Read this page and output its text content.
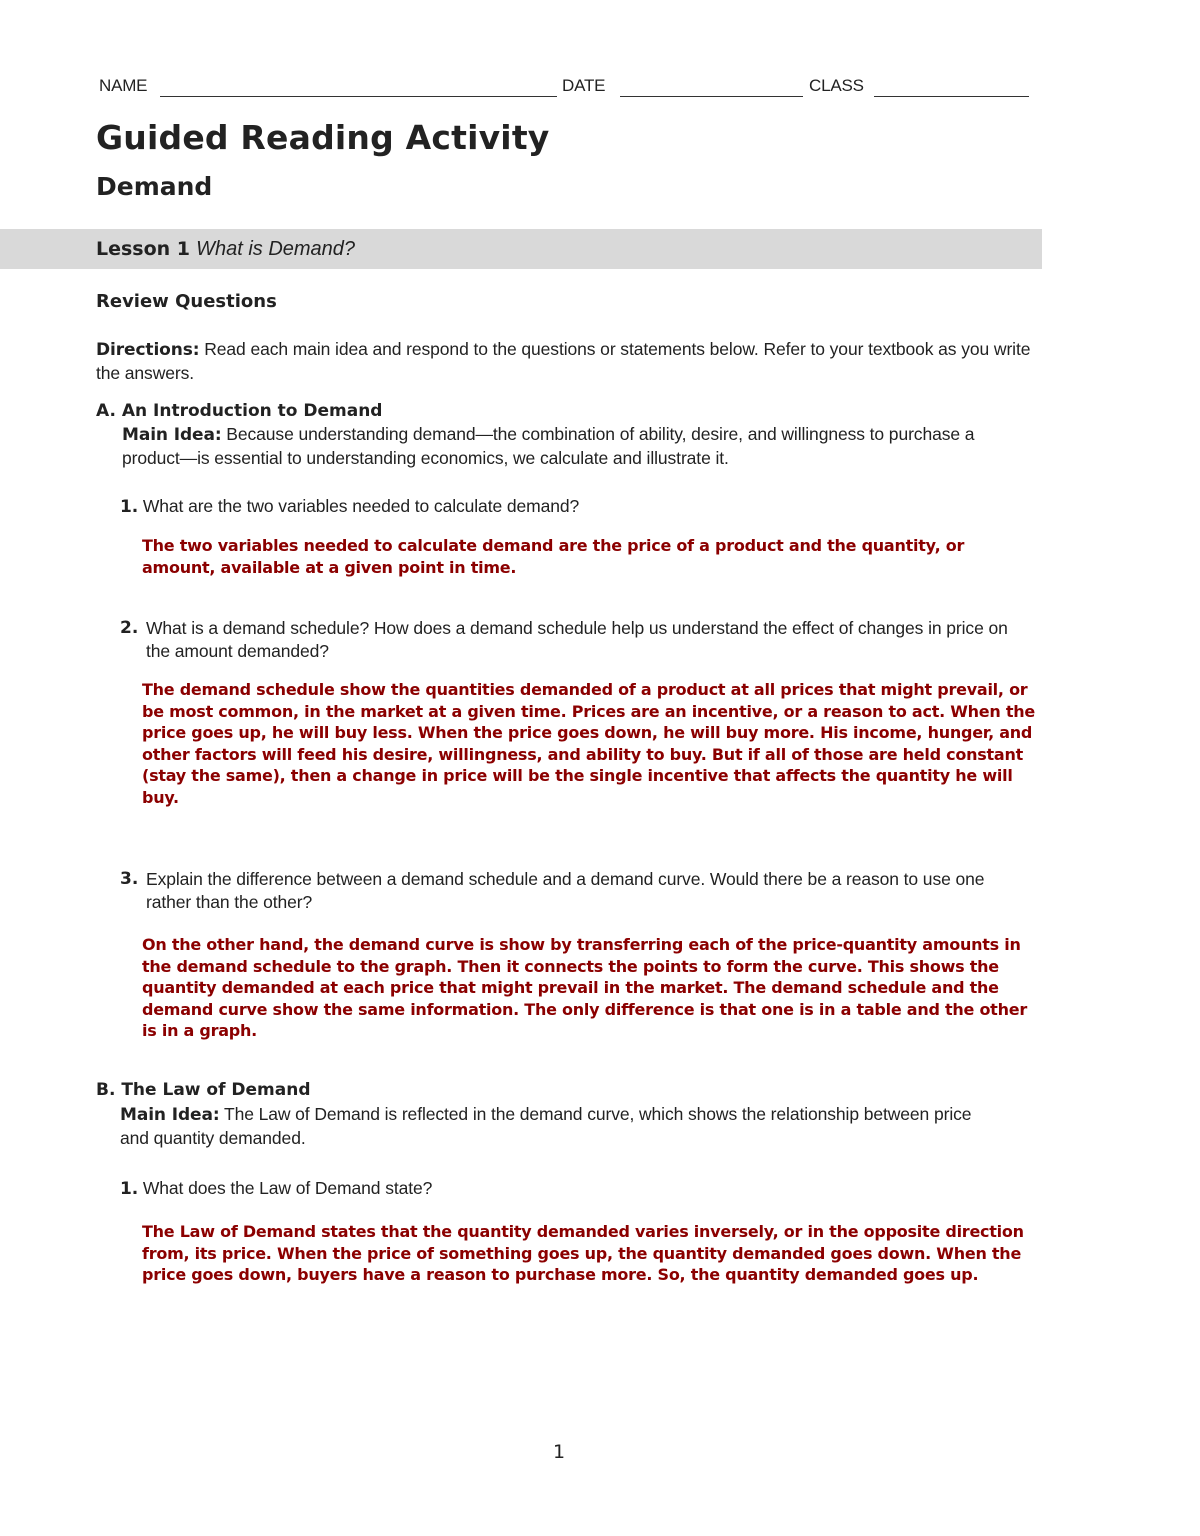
NAME	DATE	CLASS
Guided Reading Activity
Demand
Lesson 1 What is Demand?
Review Questions
Directions: Read each main idea and respond to the questions or statements below. Refer to your textbook as you write the answers.
A. An Introduction to Demand
Main Idea: Because understanding demand—the combination of ability, desire, and willingness to purchase a product—is essential to understanding economics, we calculate and illustrate it.
1. What are the two variables needed to calculate demand?
The two variables needed to calculate demand are the price of a product and the quantity, or amount, available at a given point in time.
2. What is a demand schedule? How does a demand schedule help us understand the effect of changes in price on the amount demanded?
The demand schedule show the quantities demanded of a product at all prices that might prevail, or be most common, in the market at a given time. Prices are an incentive, or a reason to act. When the price goes up, he will buy less. When the price goes down, he will buy more. His income, hunger, and other factors will feed his desire, willingness, and ability to buy. But if all of those are held constant (stay the same), then a change in price will be the single incentive that affects the quantity he will buy.
3. Explain the difference between a demand schedule and a demand curve. Would there be a reason to use one rather than the other?
On the other hand, the demand curve is show by transferring each of the price-quantity amounts in the demand schedule to the graph. Then it connects the points to form the curve. This shows the quantity demanded at each price that might prevail in the market. The demand schedule and the demand curve show the same information. The only difference is that one is in a table and the other is in a graph.
B. The Law of Demand
Main Idea: The Law of Demand is reflected in the demand curve, which shows the relationship between price and quantity demanded.
1. What does the Law of Demand state?
The Law of Demand states that the quantity demanded varies inversely, or in the opposite direction from, its price. When the price of something goes up, the quantity demanded goes down. When the price goes down, buyers have a reason to purchase more. So, the quantity demanded goes up.
1
